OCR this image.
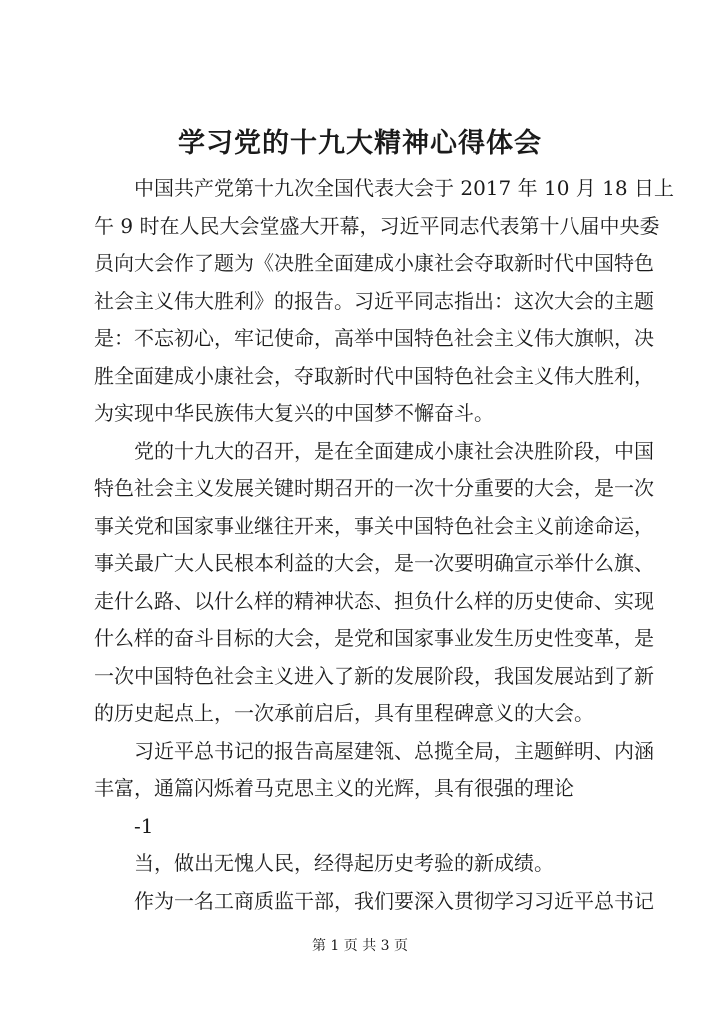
学习党的十九大精神心得体会
中国共产党第十九次全国代表大会于 2017 年 10 月 18 日上
午 9 时在人民大会堂盛大开幕，习近平同志代表第十八届中央委
员向大会作了题为《决胜全面建成小康社会夺取新时代中国特色
社会主义伟大胜利》的报告。习近平同志指出：这次大会的主题
是：不忘初心，牢记使命，高举中国特色社会主义伟大旗帜，决
胜全面建成小康社会，夺取新时代中国特色社会主义伟大胜利，
为实现中华民族伟大复兴的中国梦不懈奋斗。
党的十九大的召开，是在全面建成小康社会决胜阶段，中国
特色社会主义发展关键时期召开的一次十分重要的大会，是一次
事关党和国家事业继往开来，事关中国特色社会主义前途命运，
事关最广大人民根本利益的大会，是一次要明确宣示举什么旗、
走什么路、以什么样的精神状态、担负什么样的历史使命、实现
什么样的奋斗目标的大会，是党和国家事业发生历史性变革，是
一次中国特色社会主义进入了新的发展阶段，我国发展站到了新
的历史起点上，一次承前启后，具有里程碑意义的大会。
习近平总书记的报告高屋建瓴、总揽全局，主题鲜明、内涵
丰富，通篇闪烁着马克思主义的光辉，具有很强的理论
-1
当，做出无愧人民，经得起历史考验的新成绩。
作为一名工商质监干部，我们要深入贯彻学习习近平总书记
第 1 页 共 3 页
